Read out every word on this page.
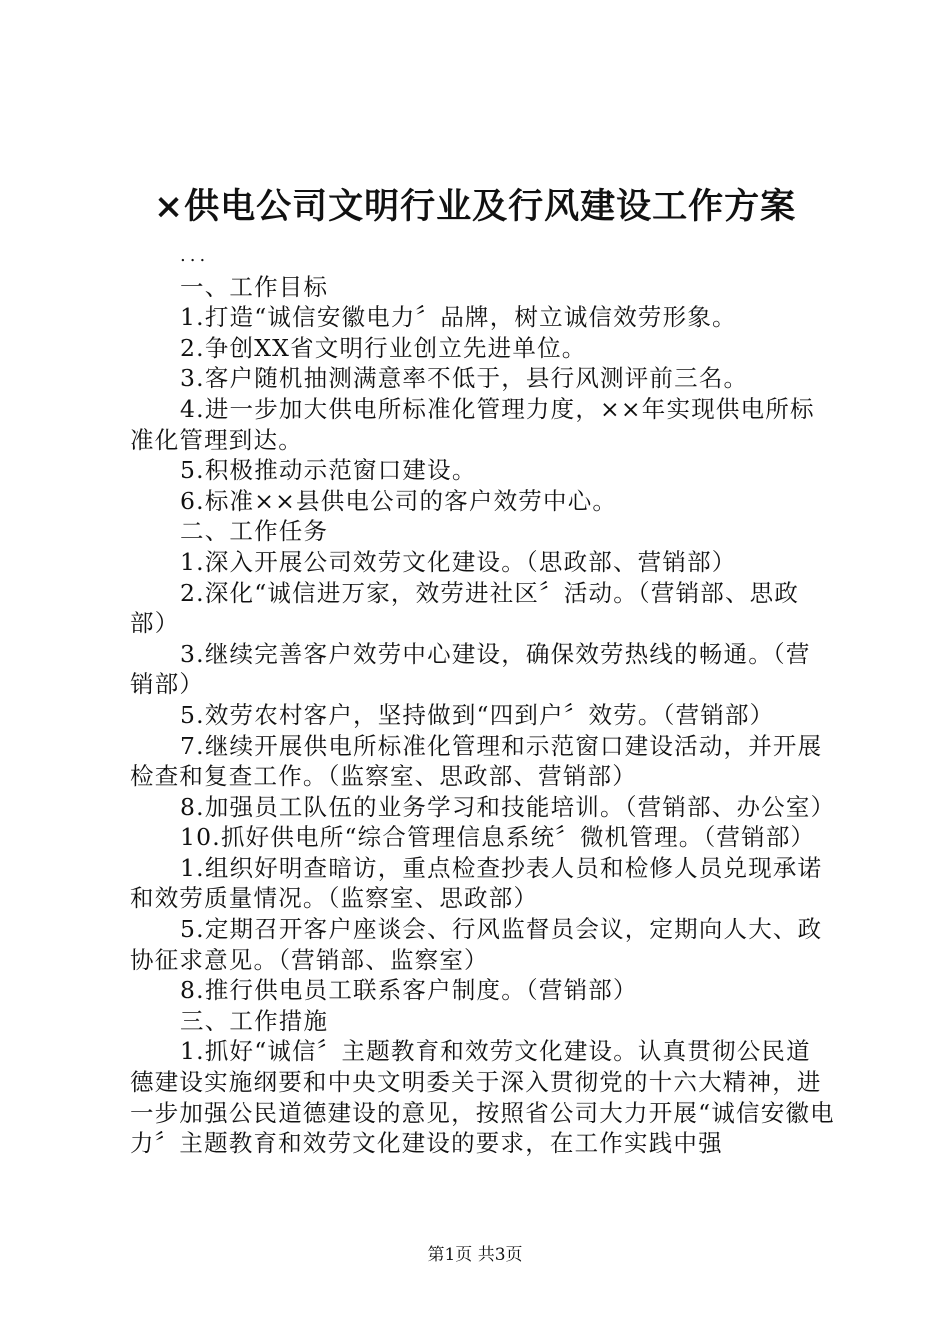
×供电公司文明行业及行风建设工作方案

...

一、工作目标

1.打造“诚信安徽电力〞品牌，树立诚信效劳形象。

2.争创XX省文明行业创立先进单位。

3.客户随机抽测满意率不低于，县行风测评前三名。

4.进一步加大供电所标准化管理力度，××年实现供电所标准化管理到达。

5.积极推动示范窗口建设。

6.标准××县供电公司的客户效劳中心。

二、工作任务

1.深入开展公司效劳文化建设。（思政部、营销部）

2.深化“诚信进万家，效劳进社区〞活动。（营销部、思政部）

3.继续完善客户效劳中心建设，确保效劳热线的畅通。（营销部）

5.效劳农村客户，坚持做到“四到户〞效劳。（营销部）

7.继续开展供电所标准化管理和示范窗口建设活动，并开展检查和复查工作。（监察室、思政部、营销部）

8.加强员工队伍的业务学习和技能培训。（营销部、办公室）

10.抓好供电所“综合管理信息系统〞微机管理。（营销部）

1.组织好明查暗访，重点检查抄表人员和检修人员兑现承诺和效劳质量情况。（监察室、思政部）

5.定期召开客户座谈会、行风监督员会议，定期向人大、政协征求意见。（营销部、监察室）

8.推行供电员工联系客户制度。（营销部）

三、工作措施

1.抓好“诚信〞主题教育和效劳文化建设。认真贯彻公民道德建设实施纲要和中央文明委关于深入贯彻党的十六大精神，进一步加强公民道德建设的意见，按照省公司大力开展“诚信安徽电力〞主题教育和效劳文化建设的要求，在工作实践中强

第1页 共3页
